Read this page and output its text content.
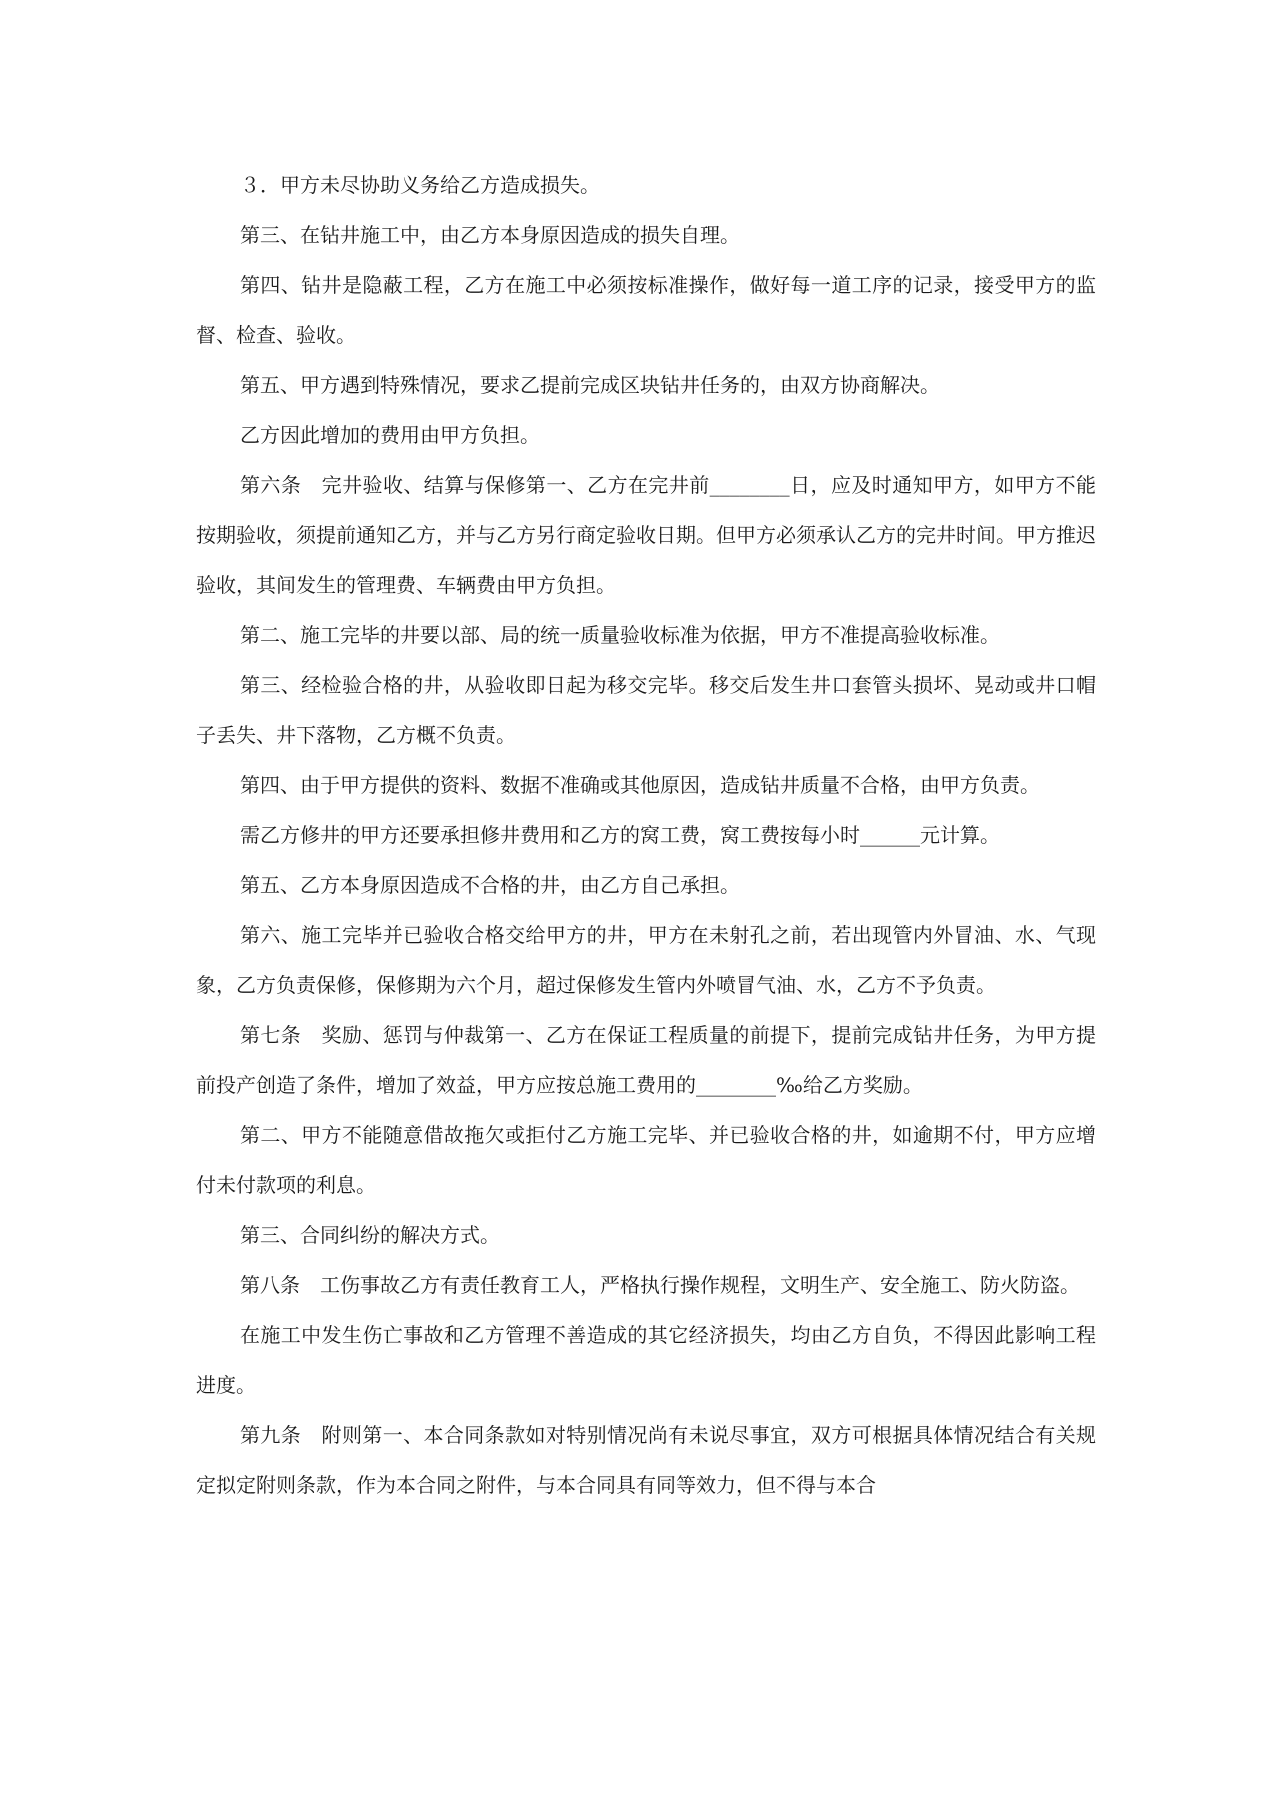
３．甲方未尽协助义务给乙方造成损失。

第三、在钻井施工中，由乙方本身原因造成的损失自理。

第四、钻井是隐蔽工程，乙方在施工中必须按标准操作，做好每一道工序的记录，接受甲方的监督、检查、验收。

第五、甲方遇到特殊情况，要求乙提前完成区块钻井任务的，由双方协商解决。

乙方因此增加的费用由甲方负担。

第六条　完井验收、结算与保修第一、乙方在完井前________日，应及时通知甲方，如甲方不能按期验收，须提前通知乙方，并与乙方另行商定验收日期。但甲方必须承认乙方的完井时间。甲方推迟验收，其间发生的管理费、车辆费由甲方负担。

第二、施工完毕的井要以部、局的统一质量验收标准为依据，甲方不准提高验收标准。

第三、经检验合格的井，从验收即日起为移交完毕。移交后发生井口套管头损坏、晃动或井口帽子丢失、井下落物，乙方概不负责。

第四、由于甲方提供的资料、数据不准确或其他原因，造成钻井质量不合格，由甲方负责。

需乙方修井的甲方还要承担修井费用和乙方的窝工费，窝工费按每小时______元计算。

第五、乙方本身原因造成不合格的井，由乙方自己承担。

第六、施工完毕并已验收合格交给甲方的井，甲方在未射孔之前，若出现管内外冒油、水、气现象，乙方负责保修，保修期为六个月，超过保修发生管内外喷冒气油、水，乙方不予负责。

第七条　奖励、惩罚与仲裁第一、乙方在保证工程质量的前提下，提前完成钻井任务，为甲方提前投产创造了条件，增加了效益，甲方应按总施工费用的________‰给乙方奖励。

第二、甲方不能随意借故拖欠或拒付乙方施工完毕、并已验收合格的井，如逾期不付，甲方应增付未付款项的利息。

第三、合同纠纷的解决方式。

第八条　工伤事故乙方有责任教育工人，严格执行操作规程，文明生产、安全施工、防火防盗。

在施工中发生伤亡事故和乙方管理不善造成的其它经济损失，均由乙方自负，不得因此影响工程进度。

第九条　附则第一、本合同条款如对特别情况尚有未说尽事宜，双方可根据具体情况结合有关规定拟定附则条款，作为本合同之附件，与本合同具有同等效力，但不得与本合
